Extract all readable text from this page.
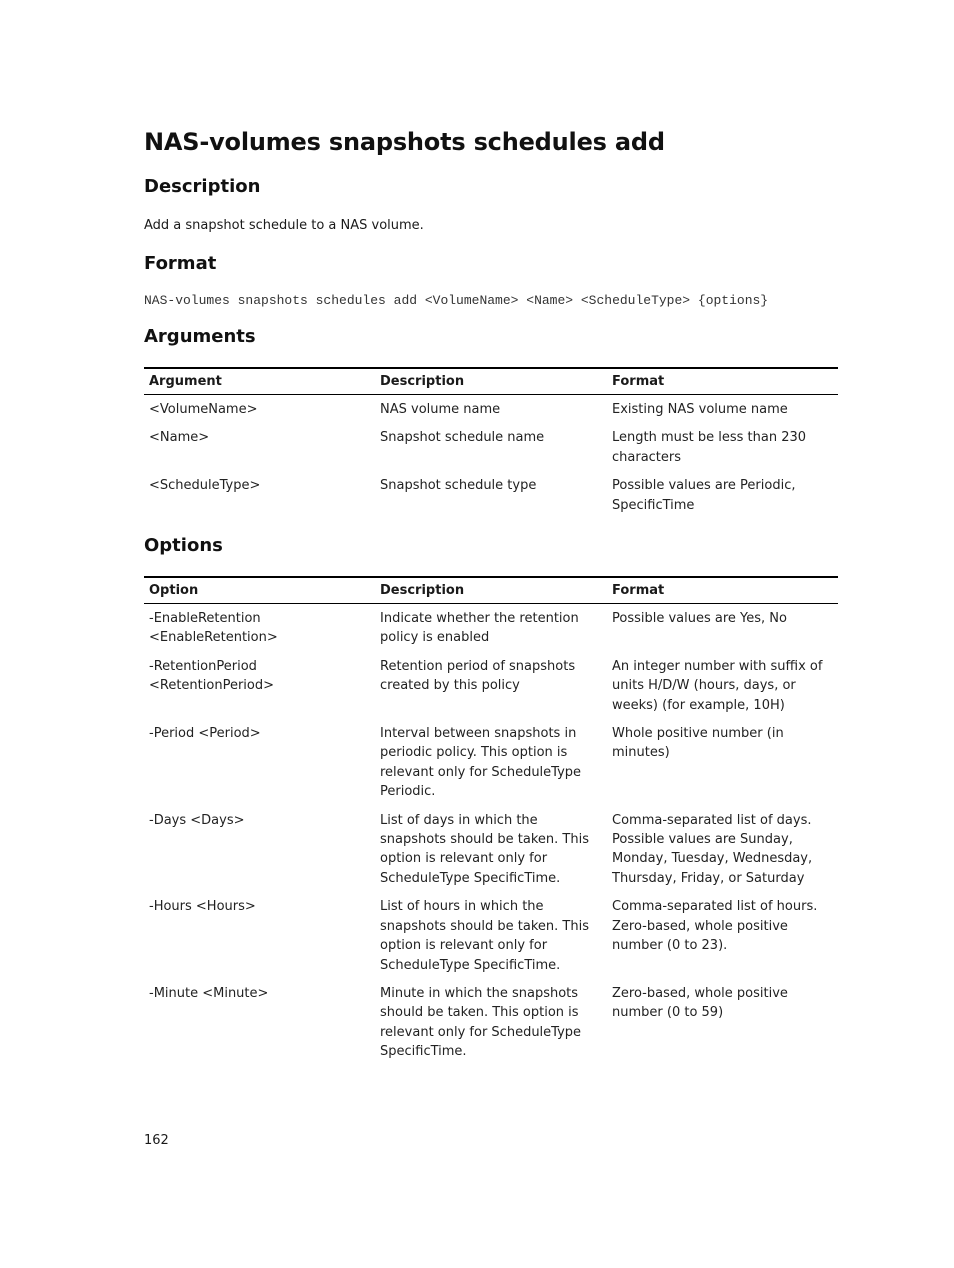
NAS-volumes snapshots schedules add
Description

Add a snapshot schedule to a NAS volume.

Format

NAS-volumes snapshots schedules add <VolumeName> <Name> <ScheduleType> {options}

Arguments
Argument	Description	Format
<VolumeName>	NAS volume name	Existing NAS volume name
<Name>	Snapshot schedule name	Length must be less than 230 characters
<ScheduleType>	Snapshot schedule type	Possible values are Periodic, SpecificTime
Options
Option	Description	Format
-EnableRetention <EnableRetention>	Indicate whether the retention policy is enabled	Possible values are Yes, No
-RetentionPeriod <RetentionPeriod>	Retention period of snapshots created by this policy	An integer number with suffix of units H/D/W (hours, days, or weeks) (for example, 10H)
-Period <Period>	Interval between snapshots in periodic policy. This option is relevant only for ScheduleType Periodic.	Whole positive number (in minutes)
-Days <Days>	List of days in which the snapshots should be taken. This option is relevant only for ScheduleType SpecificTime.	Comma-separated list of days. Possible values are Sunday, Monday, Tuesday, Wednesday, Thursday, Friday, or Saturday
-Hours <Hours>	List of hours in which the snapshots should be taken. This option is relevant only for ScheduleType SpecificTime.	Comma-separated list of hours. Zero-based, whole positive number (0 to 23).
-Minute <Minute>	Minute in which the snapshots should be taken. This option is relevant only for ScheduleType SpecificTime.	Zero-based, whole positive number (0 to 59)

162
